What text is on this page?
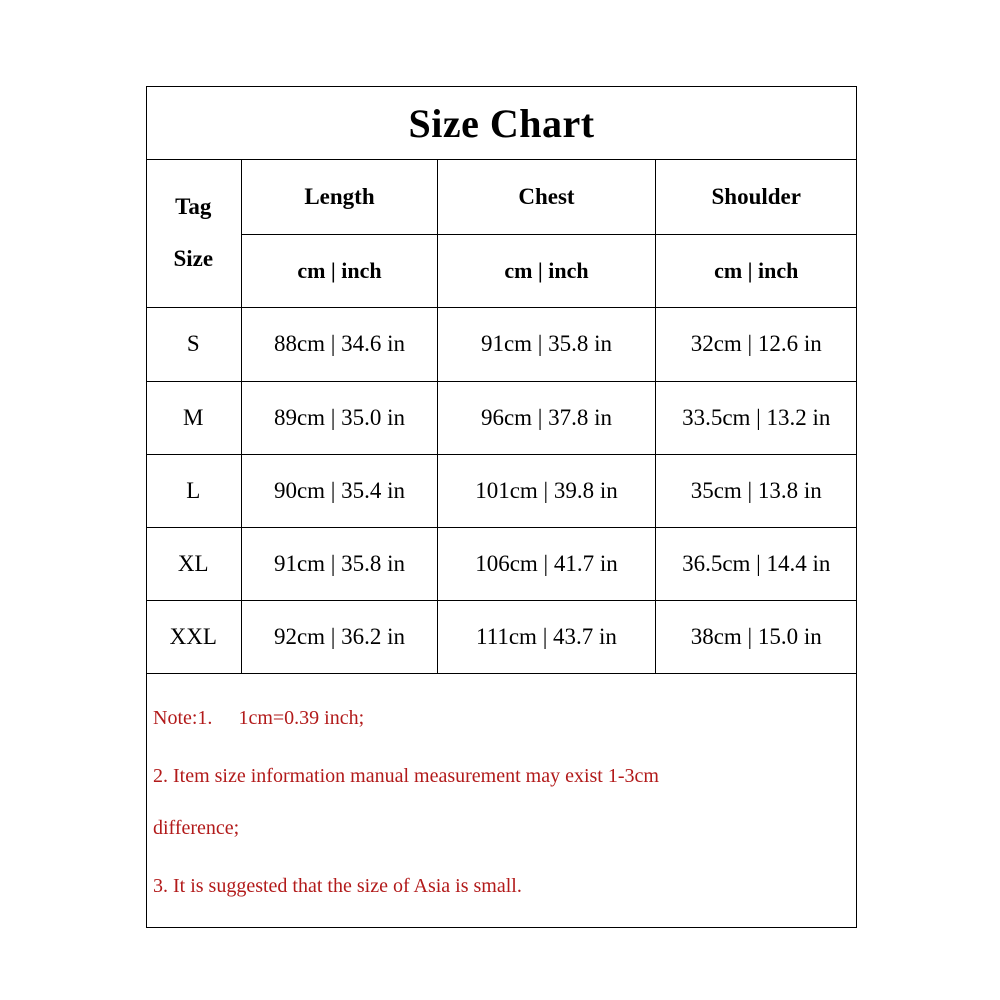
Size Chart
Tag
Size	Length	Chest	Shoulder
	cm | inch	cm | inch	cm | inch
S	88cm | 34.6 in	91cm | 35.8 in	32cm | 12.6 in
M	89cm | 35.0 in	96cm | 37.8 in	33.5cm | 13.2 in
L	90cm | 35.4 in	101cm | 39.8 in	35cm | 13.8 in
XL	91cm | 35.8 in	106cm | 41.7 in	36.5cm | 14.4 in
XXL	92cm | 36.2 in	111cm | 43.7 in	38cm | 15.0 in
Note:1. 1cm=0.39 inch;
2. Item size information manual measurement may exist 1-3cm
difference;
3. It is suggested that the size of Asia is small.
